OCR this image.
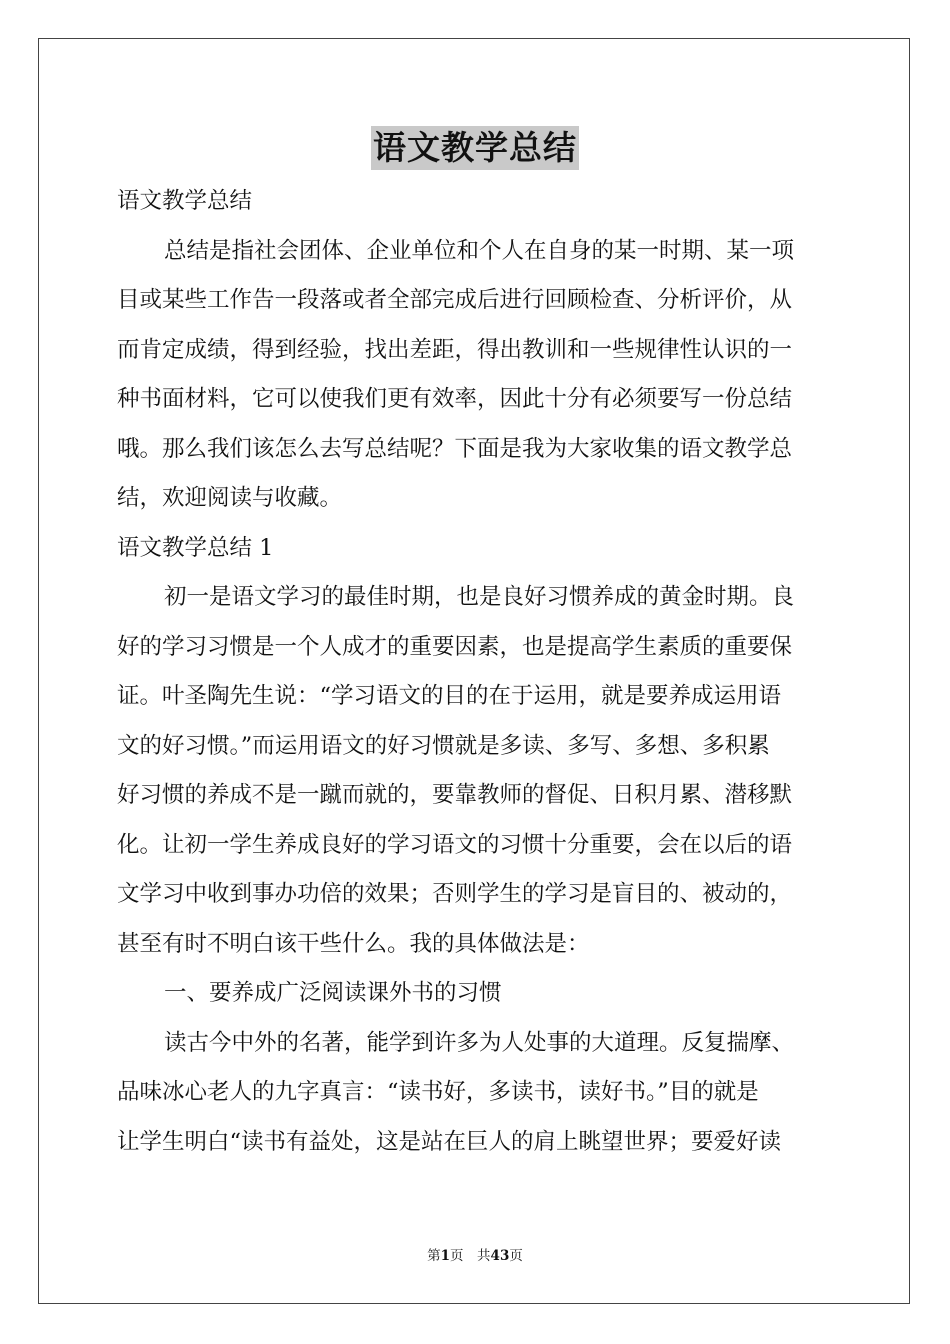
语文教学总结
语文教学总结
总结是指社会团体、企业单位和个人在自身的某一时期、某一项
目或某些工作告一段落或者全部完成后进行回顾检查、分析评价，从
而肯定成绩，得到经验，找出差距，得出教训和一些规律性认识的一
种书面材料，它可以使我们更有效率，因此十分有必须要写一份总结
哦。那么我们该怎么去写总结呢？下面是我为大家收集的语文教学总
结，欢迎阅读与收藏。
语文教学总结 1
初一是语文学习的最佳时期，也是良好习惯养成的黄金时期。良
好的学习习惯是一个人成才的重要因素，也是提高学生素质的重要保
证。叶圣陶先生说：“学习语文的目的在于运用，就是要养成运用语
文的好习惯。”而运用语文的好习惯就是多读、多写、多想、多积累
好习惯的养成不是一蹴而就的，要靠教师的督促、日积月累、潜移默
化。让初一学生养成良好的学习语文的习惯十分重要，会在以后的语
文学习中收到事办功倍的效果；否则学生的学习是盲目的、被动的，
甚至有时不明白该干些什么。我的具体做法是：
一、要养成广泛阅读课外书的习惯
读古今中外的名著，能学到许多为人处事的大道理。反复揣摩、
品味冰心老人的九字真言：“读书好，多读书，读好书。”目的就是
让学生明白“读书有益处，这是站在巨人的肩上眺望世界；要爱好读
第1页　共43页
